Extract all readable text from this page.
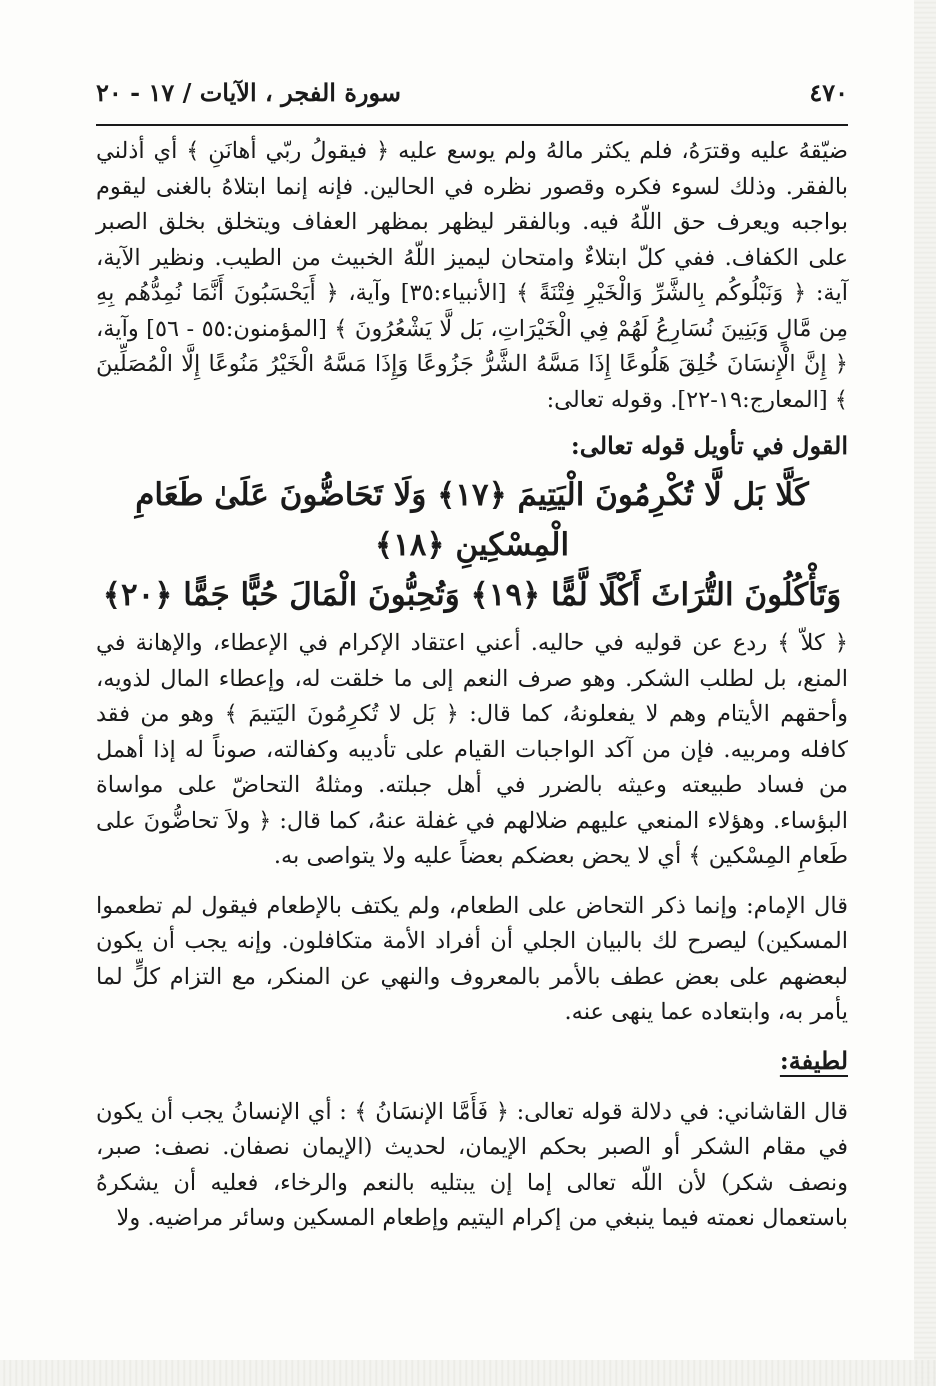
٤٧٠
سورة الفجر ، الآيات / ١٧ - ٢٠

ضيّقهُ عليه وقترَهُ، فلم يكثر مالهُ ولم يوسع عليه ﴿ فيقولُ ربّي أهانَنِ ﴾ أي أذلني بالفقر. وذلك لسوء فكره وقصور نظره في الحالين. فإنه إنما ابتلاهُ بالغنى ليقوم بواجبه ويعرف حق اللّهُ فيه. وبالفقر ليظهر بمظهر العفاف ويتخلق بخلق الصبر على الكفاف. ففي كلّ ابتلاءٌ وامتحان ليميز اللّهُ الخبيث من الطيب. ونظير الآية، آية: ﴿ وَنَبْلُوكُم بِالشَّرِّ وَالْخَيْرِ فِتْنَةً ﴾ [الأنبياء:٣٥] وآية، ﴿ أَيَحْسَبُونَ أَنَّمَا نُمِدُّهُم بِهِ مِن مَّالٍ وَبَنِينَ نُسَارِعُ لَهُمْ فِي الْخَيْرَاتِ، بَل لَّا يَشْعُرُونَ ﴾ [المؤمنون:٥٥ - ٥٦] وآية، ﴿ إِنَّ الْإِنسَانَ خُلِقَ هَلُوعًا إِذَا مَسَّهُ الشَّرُّ جَزُوعًا وَإِذَا مَسَّهُ الْخَيْرُ مَنُوعًا إِلَّا الْمُصَلِّينَ ﴾ [المعارج:١٩-٢٢]. وقوله تعالى:

القول في تأويل قوله تعالى:
كَلَّا بَل لَّا تُكْرِمُونَ الْيَتِيمَ ﴿١٧﴾ وَلَا تَحَاضُّونَ عَلَىٰ طَعَامِ الْمِسْكِينِ ﴿١٨﴾
وَتَأْكُلُونَ التُّرَاثَ أَكْلًا لَّمًّا ﴿١٩﴾ وَتُحِبُّونَ الْمَالَ حُبًّا جَمًّا ﴿٢٠﴾

﴿ كلاّ ﴾ ردع عن قوليه في حاليه. أعني اعتقاد الإكرام في الإعطاء، والإهانة في المنع، بل لطلب الشكر. وهو صرف النعم إلى ما خلقت له، وإعطاء المال لذويه، وأحقهم الأيتام وهم لا يفعلونهُ، كما قال: ﴿ بَل لا تُكرِمُونَ اليَتيمَ ﴾ وهو من فقد كافله ومربيه. فإن من آكد الواجبات القيام على تأديبه وكفالته، صوناً له إذا أهمل من فساد طبيعته وعيثه بالضرر في أهل جبلته. ومثلهُ التحاضّ على مواساة البؤساء. وهؤلاء المنعي عليهم ضلالهم في غفلة عنهُ، كما قال: ﴿ ولاَ تحاضُّونَ على طَعامِ المِسْكين ﴾ أي لا يحض بعضكم بعضاً عليه ولا يتواصى به.

قال الإمام: وإنما ذكر التحاض على الطعام، ولم يكتف بالإطعام فيقول لم تطعموا المسكين) ليصرح لك بالبيان الجلي أن أفراد الأمة متكافلون. وإنه يجب أن يكون لبعضهم على بعض عطف بالأمر بالمعروف والنهي عن المنكر، مع التزام كلٍّ لما يأمر به، وابتعاده عما ينهى عنه.

لطيفة:

قال القاشاني: في دلالة قوله تعالى: ﴿ فَأَمَّا الإنسَانُ ﴾ : أي الإنسانُ يجب أن يكون في مقام الشكر أو الصبر بحكم الإيمان، لحديث (الإيمان نصفان. نصف: صبر، ونصف شكر) لأن اللّه تعالى إما إن يبتليه بالنعم والرخاء، فعليه أن يشكرهُ باستعمال نعمته فيما ينبغي من إكرام اليتيم وإطعام المسكين وسائر مراضيه. ولا
